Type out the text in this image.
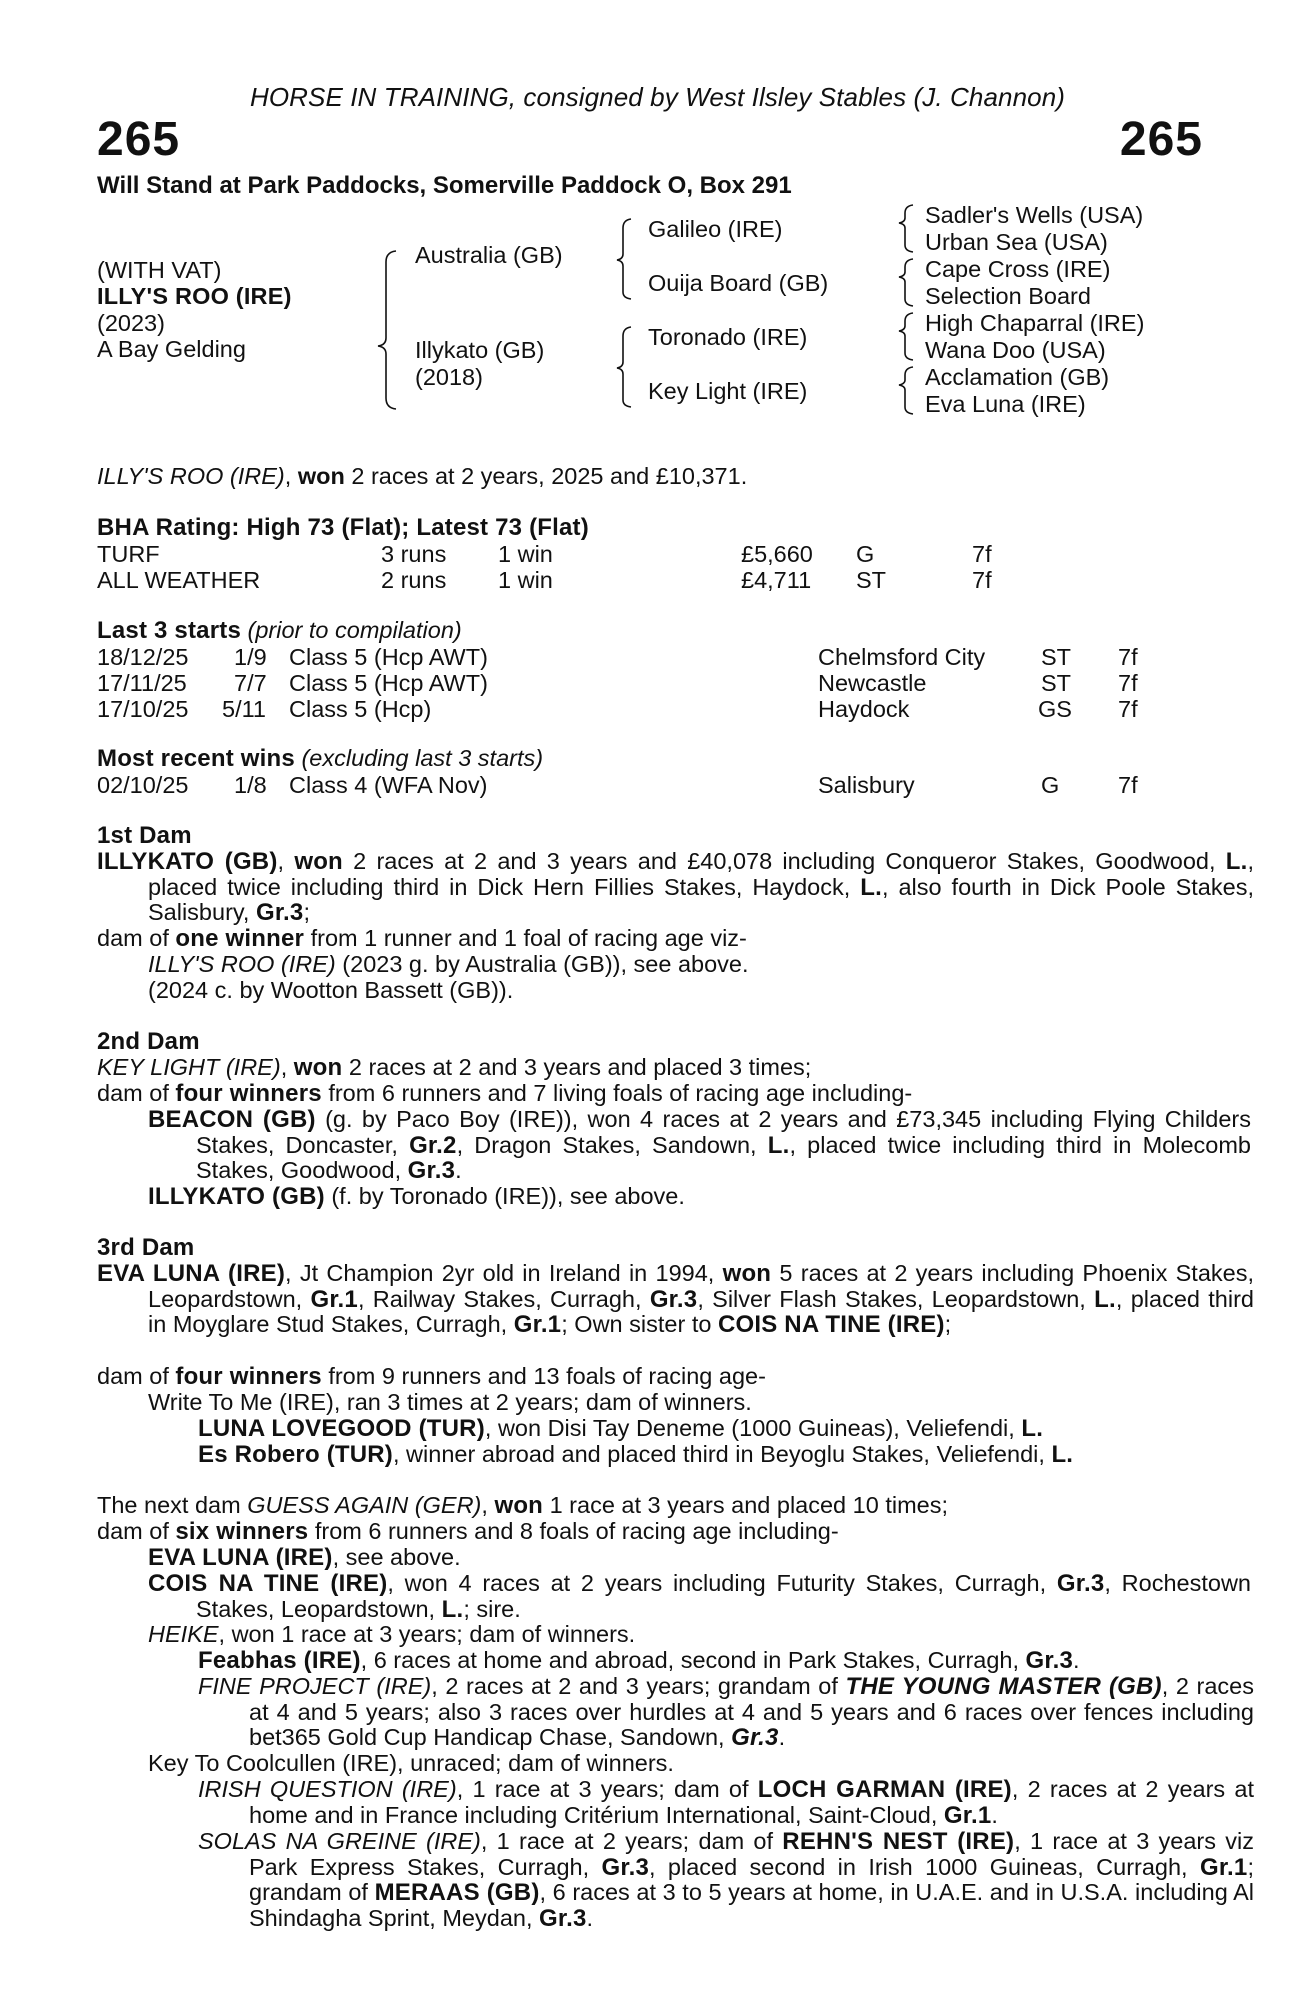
HORSE IN TRAINING, consigned by West Ilsley Stables (J. Channon)
265	265
Will Stand at Park Paddocks, Somerville Paddock O, Box 291
(WITH VAT)
ILLY'S ROO (IRE)
(2023)
A Bay Gelding
Australia (GB)
Illykato (GB)
(2018)
Galileo (IRE)
Ouija Board (GB)
Toronado (IRE)
Key Light (IRE)
Sadler's Wells (USA)
Urban Sea (USA)
Cape Cross (IRE)
Selection Board
High Chaparral (IRE)
Wana Doo (USA)
Acclamation (GB)
Eva Luna (IRE)
ILLY'S ROO (IRE), won 2 races at 2 years, 2025 and £10,371.
BHA Rating: High 73 (Flat); Latest 73 (Flat)
TURF	3 runs 1 win	£5,660 G	7f
ALL WEATHER	2 runs 1 win	£4,711 ST	7f
Last 3 starts (prior to compilation)
18/12/25 1/9 Class 5 (Hcp AWT)	Chelmsford City ST 7f
17/11/25 7/7 Class 5 (Hcp AWT)	Newcastle	ST 7f
17/10/25 5/11 Class 5 (Hcp)	Haydock	GS 7f
Most recent wins (excluding last 3 starts)
02/10/25 1/8 Class 4 (WFA Nov)	Salisbury	G 7f
1st Dam
ILLYKATO (GB), won 2 races at 2 and 3 years and £40,078 including Conqueror Stakes, Goodwood, L., placed twice including third in Dick Hern Fillies Stakes, Haydock, L., also fourth in Dick Poole Stakes, Salisbury, Gr.3;
dam of one winner from 1 runner and 1 foal of racing age viz-
ILLY'S ROO (IRE) (2023 g. by Australia (GB)), see above.
(2024 c. by Wootton Bassett (GB)).
2nd Dam
KEY LIGHT (IRE), won 2 races at 2 and 3 years and placed 3 times;
dam of four winners from 6 runners and 7 living foals of racing age including-
BEACON (GB) (g. by Paco Boy (IRE)), won 4 races at 2 years and £73,345 including Flying Childers Stakes, Doncaster, Gr.2, Dragon Stakes, Sandown, L., placed twice including third in Molecomb Stakes, Goodwood, Gr.3.
ILLYKATO (GB) (f. by Toronado (IRE)), see above.
3rd Dam
EVA LUNA (IRE), Jt Champion 2yr old in Ireland in 1994, won 5 races at 2 years including Phoenix Stakes, Leopardstown, Gr.1, Railway Stakes, Curragh, Gr.3, Silver Flash Stakes, Leopardstown, L., placed third in Moyglare Stud Stakes, Curragh, Gr.1; Own sister to COIS NA TINE (IRE);
dam of four winners from 9 runners and 13 foals of racing age-
Write To Me (IRE), ran 3 times at 2 years; dam of winners.
LUNA LOVEGOOD (TUR), won Disi Tay Deneme (1000 Guineas), Veliefendi, L.
Es Robero (TUR), winner abroad and placed third in Beyoglu Stakes, Veliefendi, L.
The next dam GUESS AGAIN (GER), won 1 race at 3 years and placed 10 times;
dam of six winners from 6 runners and 8 foals of racing age including-
EVA LUNA (IRE), see above.
COIS NA TINE (IRE), won 4 races at 2 years including Futurity Stakes, Curragh, Gr.3, Rochestown Stakes, Leopardstown, L.; sire.
HEIKE, won 1 race at 3 years; dam of winners.
Feabhas (IRE), 6 races at home and abroad, second in Park Stakes, Curragh, Gr.3.
FINE PROJECT (IRE), 2 races at 2 and 3 years; grandam of THE YOUNG MASTER (GB), 2 races at 4 and 5 years; also 3 races over hurdles at 4 and 5 years and 6 races over fences including bet365 Gold Cup Handicap Chase, Sandown, Gr.3.
Key To Coolcullen (IRE), unraced; dam of winners.
IRISH QUESTION (IRE), 1 race at 3 years; dam of LOCH GARMAN (IRE), 2 races at 2 years at home and in France including Critérium International, Saint-Cloud, Gr.1.
SOLAS NA GREINE (IRE), 1 race at 2 years; dam of REHN'S NEST (IRE), 1 race at 3 years viz Park Express Stakes, Curragh, Gr.3, placed second in Irish 1000 Guineas, Curragh, Gr.1; grandam of MERAAS (GB), 6 races at 3 to 5 years at home, in U.A.E. and in U.S.A. including Al Shindagha Sprint, Meydan, Gr.3.
